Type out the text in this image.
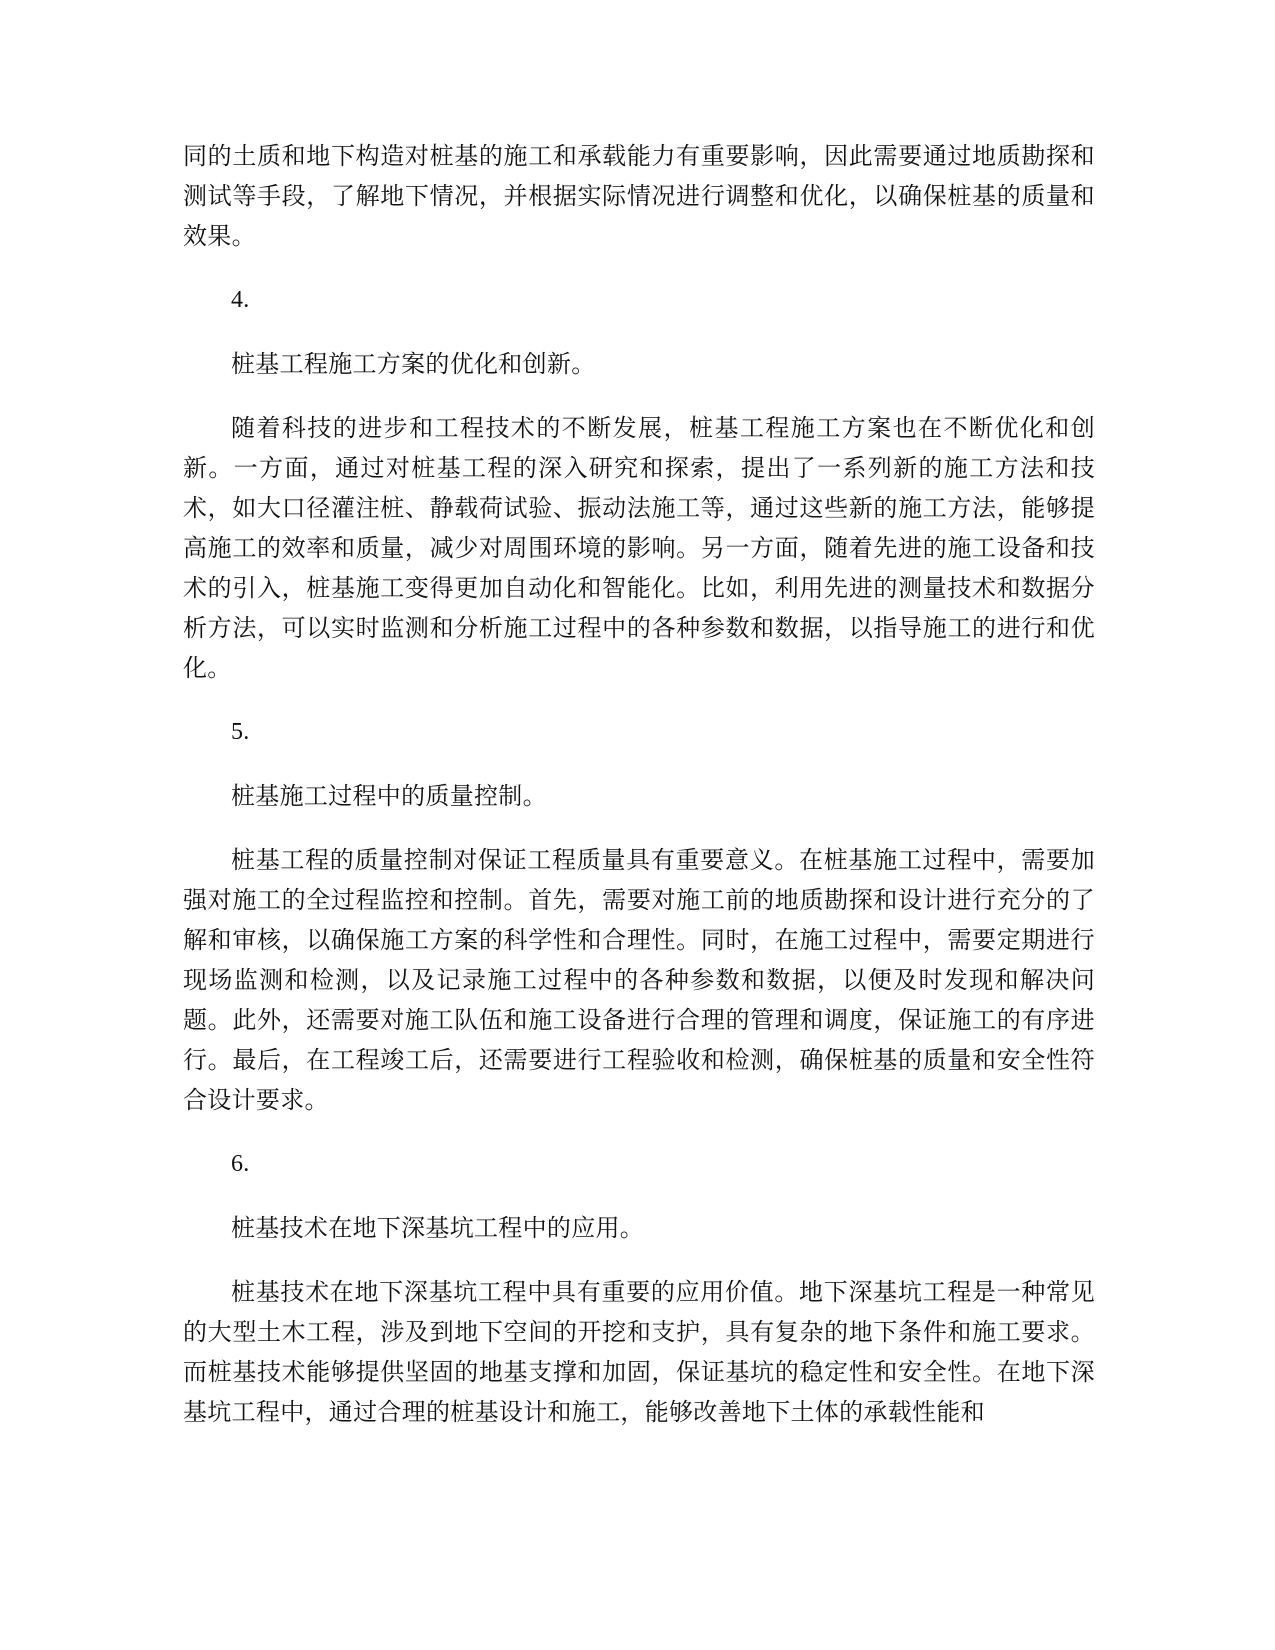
同的土质和地下构造对桩基的施工和承载能力有重要影响，因此需要通过地质勘探和测试等手段，了解地下情况，并根据实际情况进行调整和优化，以确保桩基的质量和效果。

4.

桩基工程施工方案的优化和创新。

随着科技的进步和工程技术的不断发展，桩基工程施工方案也在不断优化和创新。一方面，通过对桩基工程的深入研究和探索，提出了一系列新的施工方法和技术，如大口径灌注桩、静载荷试验、振动法施工等，通过这些新的施工方法，能够提高施工的效率和质量，减少对周围环境的影响。另一方面，随着先进的施工设备和技术的引入，桩基施工变得更加自动化和智能化。比如，利用先进的测量技术和数据分析方法，可以实时监测和分析施工过程中的各种参数和数据，以指导施工的进行和优化。

5.

桩基施工过程中的质量控制。

桩基工程的质量控制对保证工程质量具有重要意义。在桩基施工过程中，需要加强对施工的全过程监控和控制。首先，需要对施工前的地质勘探和设计进行充分的了解和审核，以确保施工方案的科学性和合理性。同时，在施工过程中，需要定期进行现场监测和检测，以及记录施工过程中的各种参数和数据，以便及时发现和解决问题。此外，还需要对施工队伍和施工设备进行合理的管理和调度，保证施工的有序进行。最后，在工程竣工后，还需要进行工程验收和检测，确保桩基的质量和安全性符合设计要求。

6.

桩基技术在地下深基坑工程中的应用。

桩基技术在地下深基坑工程中具有重要的应用价值。地下深基坑工程是一种常见的大型土木工程，涉及到地下空间的开挖和支护，具有复杂的地下条件和施工要求。而桩基技术能够提供坚固的地基支撑和加固，保证基坑的稳定性和安全性。在地下深基坑工程中，通过合理的桩基设计和施工，能够改善地下土体的承载性能和
